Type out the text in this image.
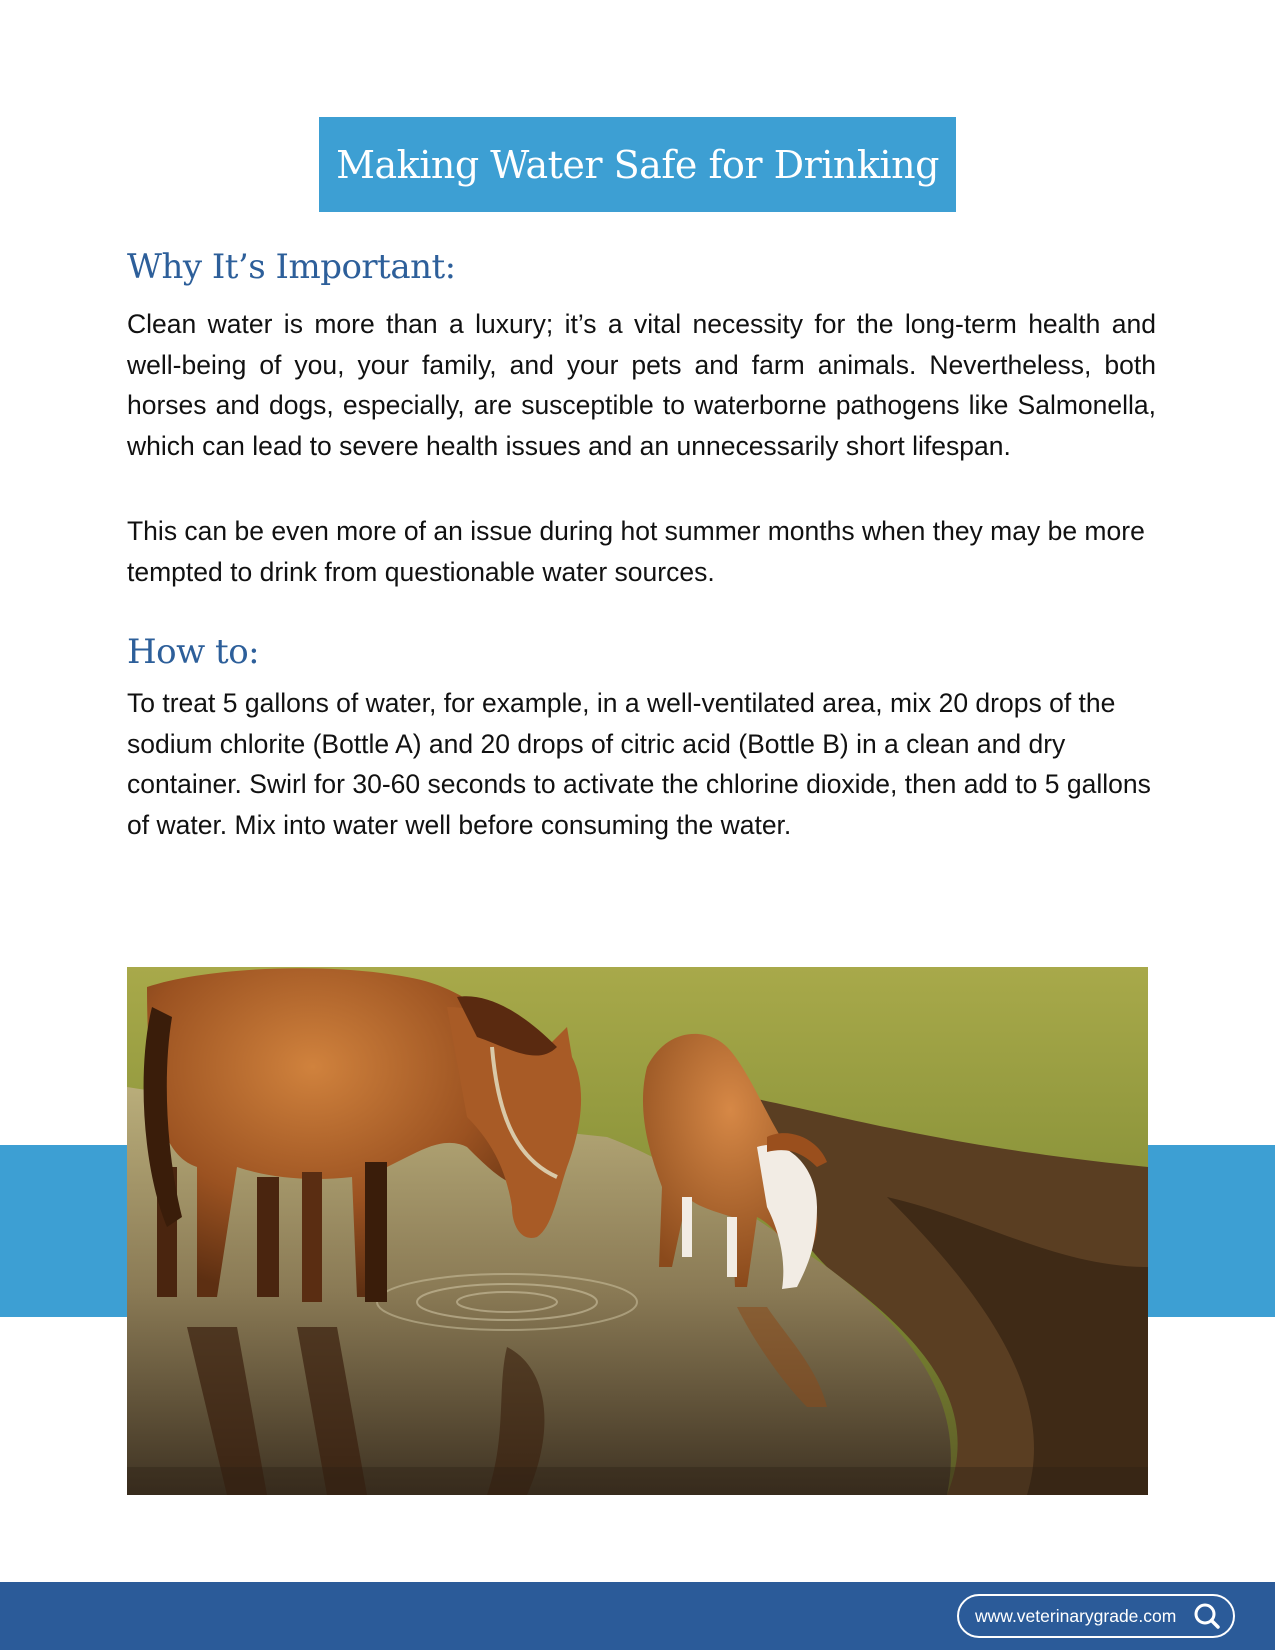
Making Water Safe for Drinking
Why It’s Important:

Clean water is more than a luxury; it’s a vital necessity for the long-term health and well-being of you, your family, and your pets and farm animals. Nevertheless, both horses and dogs, especially, are susceptible to waterborne pathogens like Salmonella, which can lead to severe health issues and an unnecessarily short lifespan.

This can be even more of an issue during hot summer months when they may be more tempted to drink from questionable water sources.

How to:

To treat 5 gallons of water, for example, in a well-ventilated area, mix 20 drops of the sodium chlorite (Bottle A) and 20 drops of citric acid (Bottle B) in a clean and dry container. Swirl for 30-60 seconds to activate the chlorine dioxide, then add to 5 gallons of water. Mix into water well before consuming the water.

www.veterinarygrade.com
